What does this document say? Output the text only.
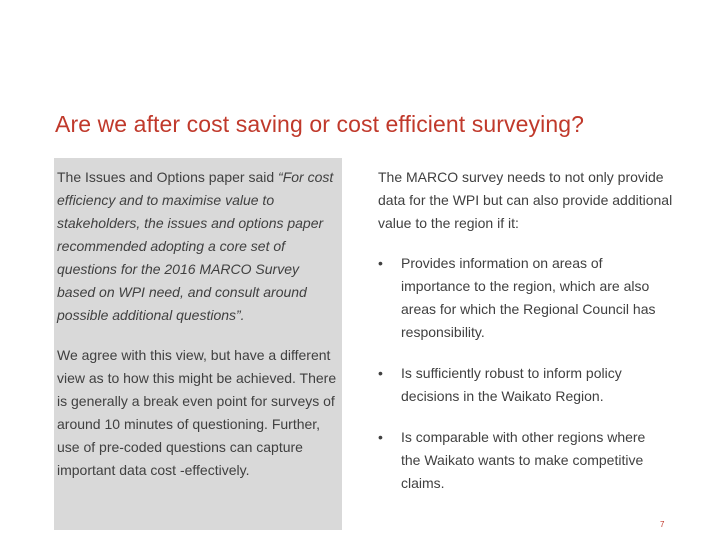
Are we after cost saving or cost efficient surveying?

The Issues and Options paper said “For cost efficiency and to maximise value to stakeholders, the issues and options paper recommended adopting a core set of questions for the 2016 MARCO Survey based on WPI need, and consult around possible additional questions”.

We agree with this view, but have a different view as to how this might be achieved. There is generally a break even point for surveys of around 10 minutes of questioning. Further, use of pre-coded questions can capture important data cost -effectively.

The MARCO survey needs to not only provide data for the WPI but can also provide additional value to the region if it:

•	Provides information on areas of importance to the region, which are also areas for which the Regional Council has responsibility.
•	Is sufficiently robust to inform policy decisions in the Waikato Region.
•	Is comparable with other regions where the Waikato wants to make competitive claims.
7
